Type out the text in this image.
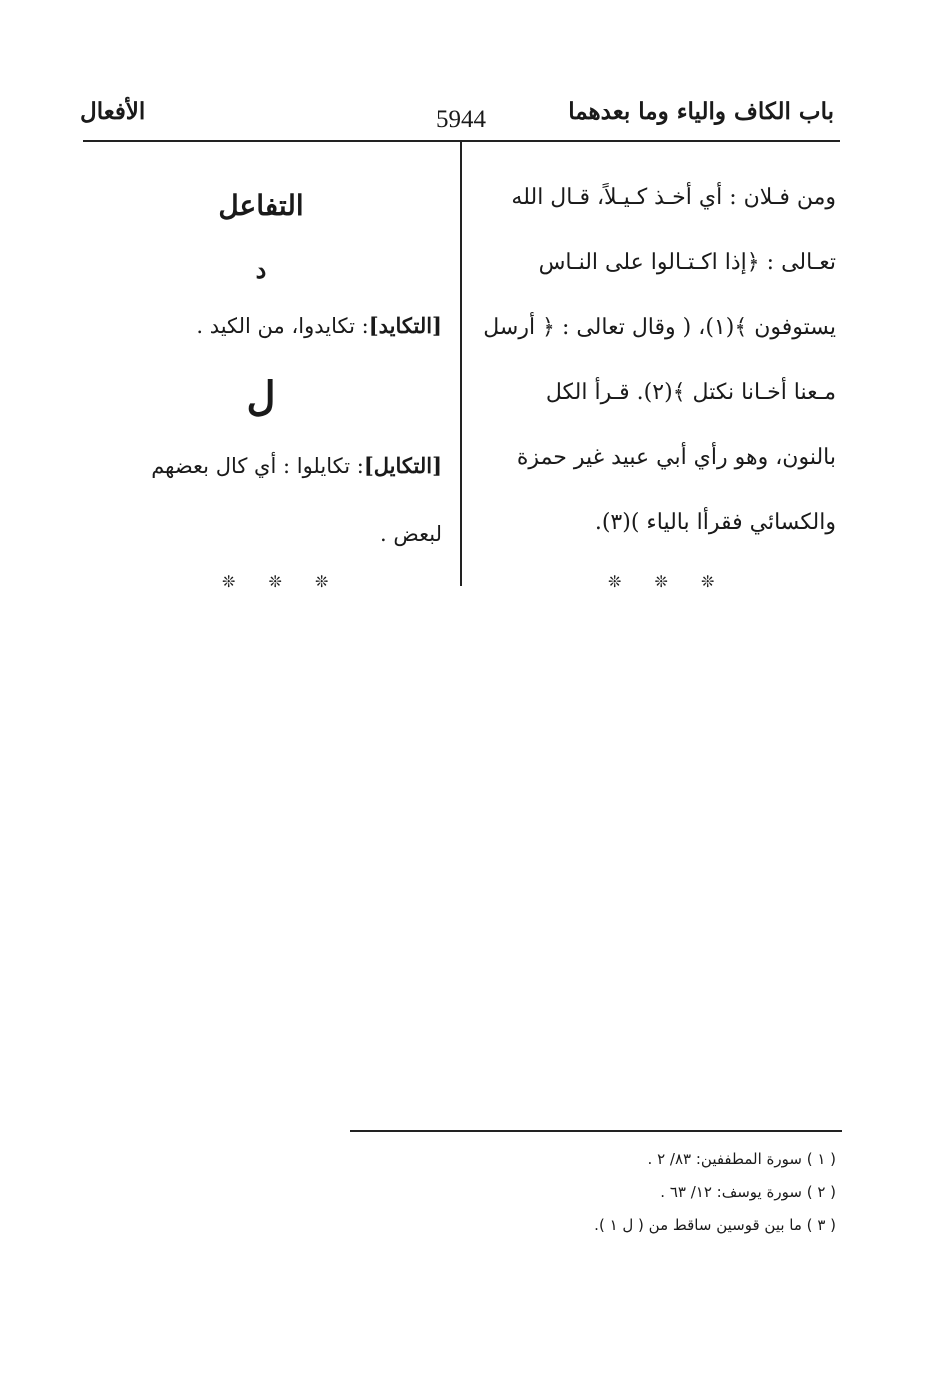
باب الكاف والياء وما بعدهما
5944
الأفعال
ومن فـلان : أي أخـذ كـيـلاً، قـال الله
تعـالى : ﴿إذا اكـتـالوا على النـاس
يستوفون ﴾(١)، ( وقال تعالى : ﴿ أرسل
مـعنا أخـانا نكتل ﴾(٢). قـرأ الكل
بالنون، وهو رأي أبي عبيد غير حمزة
والكسائي فقرأا بالياء )(٣).
❊ ❊ ❊
التفاعل
د
[التكايد]: تكايدوا، من الكيد .
ل
[التكايل]: تكايلوا : أي كال بعضهم
لبعض .
❊ ❊ ❊
( ١ ) سورة المطففين: ٨٣/ ٢ .
( ٢ ) سورة يوسف: ١٢/ ٦٣ .
( ٣ ) ما بين قوسين ساقط من ( ل ١ ).
